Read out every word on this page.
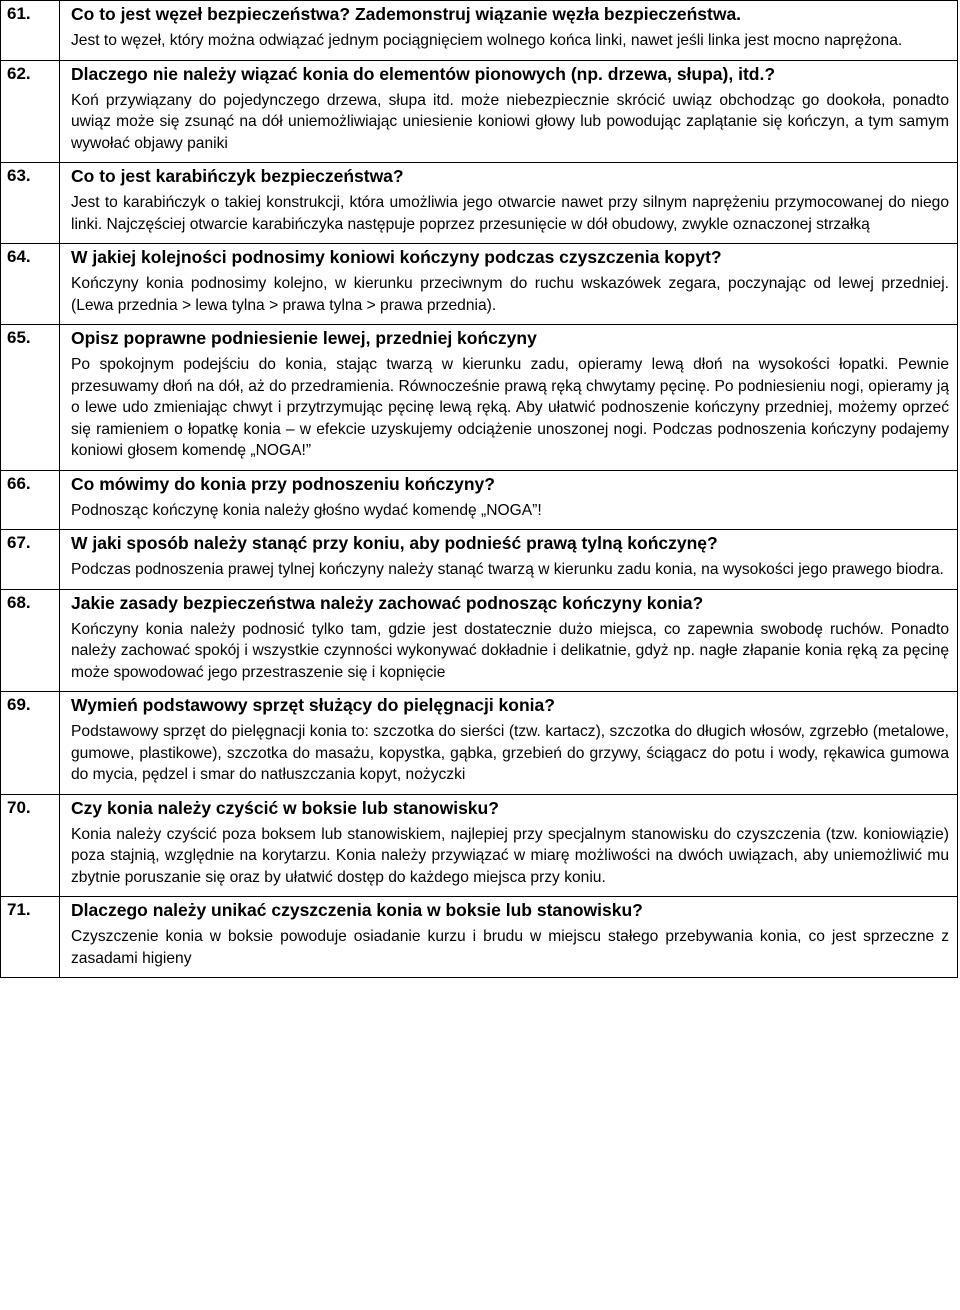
61.	Co to jest węzeł bezpieczeństwa? Zademonstruj wiązanie węzła bezpieczeństwa.

Jest to węzeł, który można odwiązać jednym pociągnięciem wolnego końca linki, nawet jeśli linka jest mocno naprężona.

62.	Dlaczego nie należy wiązać konia do elementów pionowych (np. drzewa, słupa), itd.?

Koń przywiązany do pojedynczego drzewa, słupa itd. może niebezpiecznie skrócić uwiąz obchodząc go dookoła, ponadto uwiąz może się zsunąć na dół uniemożliwiając uniesienie koniowi głowy lub powodując zaplątanie się kończyn, a tym samym wywołać objawy paniki

63.	Co to jest karabińczyk bezpieczeństwa?

Jest to karabińczyk o takiej konstrukcji, która umożliwia jego otwarcie nawet przy silnym naprężeniu przymocowanej do niego linki. Najczęściej otwarcie karabińczyka następuje poprzez przesunięcie w dół obudowy, zwykle oznaczonej strzałką

64.	W jakiej kolejności podnosimy koniowi kończyny podczas czyszczenia kopyt?

Kończyny konia podnosimy kolejno, w kierunku przeciwnym do ruchu wskazówek zegara, poczynając od lewej przedniej. (Lewa przednia > lewa tylna > prawa tylna > prawa przednia).

65.	Opisz poprawne podniesienie lewej, przedniej kończyny

Po spokojnym podejściu do konia, stając twarzą w kierunku zadu, opieramy lewą dłoń na wysokości łopatki. Pewnie przesuwamy dłoń na dół, aż do przedramienia. Równocześnie prawą ręką chwytamy pęcinę. Po podniesieniu nogi, opieramy ją o lewe udo zmieniając chwyt i przytrzymując pęcinę lewą ręką. Aby ułatwić podnoszenie kończyny przedniej, możemy oprzeć się ramieniem o łopatkę konia – w efekcie uzyskujemy odciążenie unoszonej nogi. Podczas podnoszenia kończyny podajemy koniowi głosem komendę „NOGA!”

66.	Co mówimy do konia przy podnoszeniu kończyny?

Podnosząc kończynę konia należy głośno wydać komendę „NOGA”!

67.	W jaki sposób należy stanąć przy koniu, aby podnieść prawą tylną kończynę?

Podczas podnoszenia prawej tylnej kończyny należy stanąć twarzą w kierunku zadu konia, na wysokości jego prawego biodra.

68.	Jakie zasady bezpieczeństwa należy zachować podnosząc kończyny konia?

Kończyny konia należy podnosić tylko tam, gdzie jest dostatecznie dużo miejsca, co zapewnia swobodę ruchów. Ponadto należy zachować spokój i wszystkie czynności wykonywać dokładnie i delikatnie, gdyż np. nagłe złapanie konia ręką za pęcinę może spowodować jego przestraszenie się i kopnięcie

69.	Wymień podstawowy sprzęt służący do pielęgnacji konia?

Podstawowy sprzęt do pielęgnacji konia to: szczotka do sierści (tzw. kartacz), szczotka do długich włosów, zgrzebło (metalowe, gumowe, plastikowe), szczotka do masażu, kopystka, gąbka, grzebień do grzywy, ściągacz do potu i wody, rękawica gumowa do mycia, pędzel i smar do natłuszczania kopyt, nożyczki

70.	Czy konia należy czyścić w boksie lub stanowisku?

Konia należy czyścić poza boksem lub stanowiskiem, najlepiej przy specjalnym stanowisku do czyszczenia (tzw. koniowiązie) poza stajnią, względnie na korytarzu. Konia należy przywiązać w miarę możliwości na dwóch uwiązach, aby uniemożliwić mu zbytnie poruszanie się oraz by ułatwić dostęp do każdego miejsca przy koniu.

71.	Dlaczego należy unikać czyszczenia konia w boksie lub stanowisku?

Czyszczenie konia w boksie powoduje osiadanie kurzu i brudu w miejscu stałego przebywania konia, co jest sprzeczne z zasadami higieny
